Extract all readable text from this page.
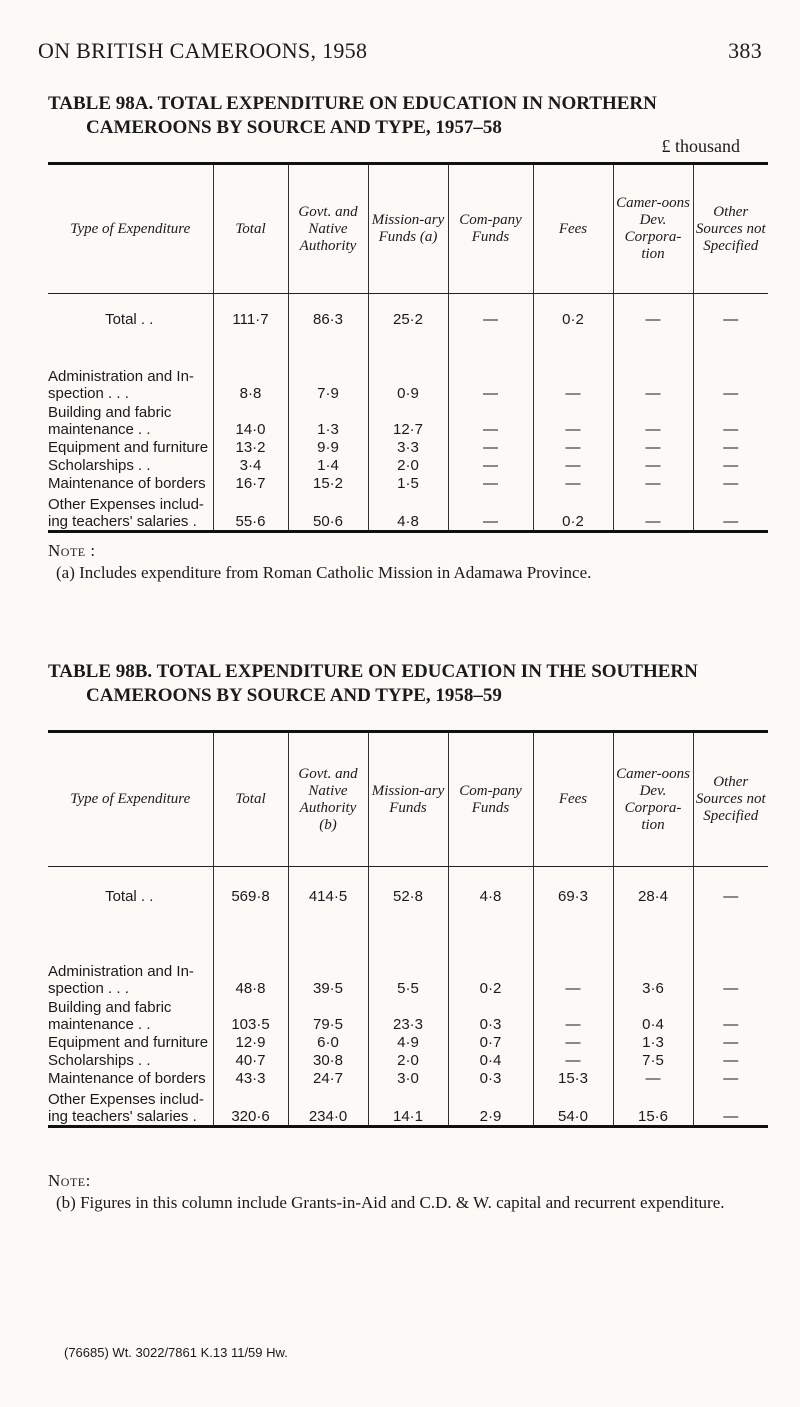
ON BRITISH CAMEROONS, 1958	383
TABLE 98A. TOTAL EXPENDITURE ON EDUCATION IN NORTHERN
CAMEROONS BY SOURCE AND TYPE, 1957–58
£ thousand
Type of Expenditure	Total	Govt. and Native Authority	Mission-ary Funds (a)	Com-pany Funds	Fees	Camer-oons Dev. Corpora-tion	Other Sources not Specified
Total . .	111·7	86·3	25·2	—	0·2	—	—
Administration and In-spection . . .	8·8	7·9	0·9	—	—	—	—
Building and fabric maintenance . .	14·0	1·3	12·7	—	—	—	—
Equipment and furniture	13·2	9·9	3·3	—	—	—	—
Scholarships . .	3·4	1·4	2·0	—	—	—	—
Maintenance of borders	16·7	15·2	1·5	—	—	—	—
Other Expenses includ-ing teachers' salaries .	55·6	50·6	4·8	—	0·2	—	—
Note :
(a) Includes expenditure from Roman Catholic Mission in Adamawa Province.
TABLE 98B. TOTAL EXPENDITURE ON EDUCATION IN THE SOUTHERN
CAMEROONS BY SOURCE AND TYPE, 1958–59
Type of Expenditure	Total	Govt. and Native Authority (b)	Mission-ary Funds	Com-pany Funds	Fees	Camer-oons Dev. Corpora-tion	Other Sources not Specified
Total . .	569·8	414·5	52·8	4·8	69·3	28·4	—
Administration and In-spection . . .	48·8	39·5	5·5	0·2	—	3·6	—
Building and fabric maintenance . .	103·5	79·5	23·3	0·3	—	0·4	—
Equipment and furniture	12·9	6·0	4·9	0·7	—	1·3	—
Scholarships . .	40·7	30·8	2·0	0·4	—	7·5	—
Maintenance of borders	43·3	24·7	3·0	0·3	15·3	—	—
Other Expenses includ-ing teachers' salaries .	320·6	234·0	14·1	2·9	54·0	15·6	—
Note:
(b) Figures in this column include Grants-in-Aid and C.D. & W. capital and recurrent expenditure.
(76685) Wt. 3022/7861 K.13 11/59 Hw.
